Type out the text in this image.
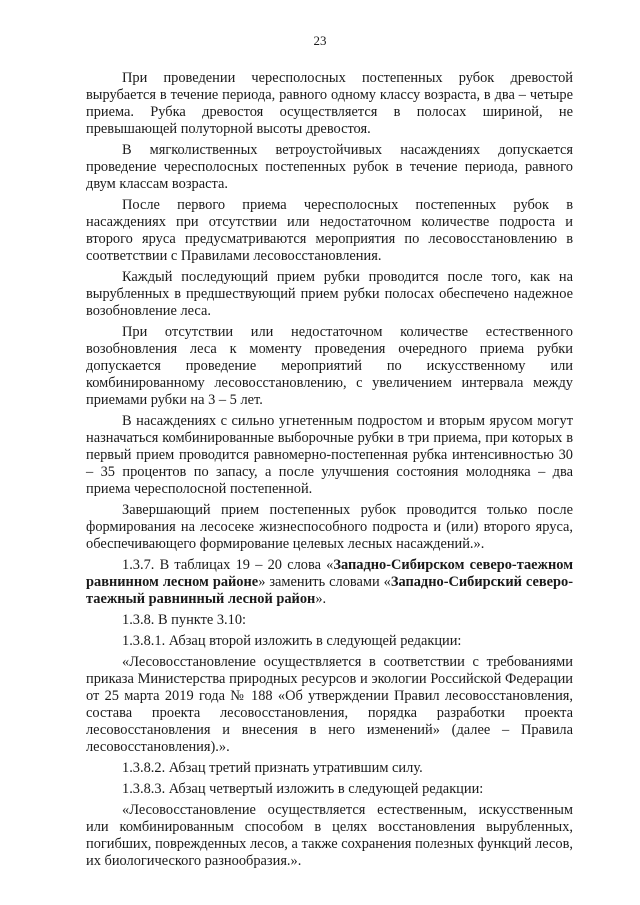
23

При проведении чересполосных постепенных рубок древостой вырубается в течение периода, равного одному классу возраста, в два – четыре приема. Рубка древостоя осуществляется в полосах шириной, не превышающей полуторной высоты древостоя.

В мягколиственных ветроустойчивых насаждениях допускается проведение чересполосных постепенных рубок в течение периода, равного двум классам возраста.

После первого приема чересполосных постепенных рубок в насаждениях при отсутствии или недостаточном количестве подроста и второго яруса предусматриваются мероприятия по лесовосстановлению в соответствии с Правилами лесовосстановления.

Каждый последующий прием рубки проводится после того, как на вырубленных в предшествующий прием рубки полосах обеспечено надежное возобновление леса.

При отсутствии или недостаточном количестве естественного возобновления леса к моменту проведения очередного приема рубки допускается проведение мероприятий по искусственному или комбинированному лесовосстановлению, с увеличением интервала между приемами рубки на 3 – 5 лет.

В насаждениях с сильно угнетенным подростом и вторым ярусом могут назначаться комбинированные выборочные рубки в три приема, при которых в первый прием проводится равномерно-постепенная рубка интенсивностью 30 – 35 процентов по запасу, а после улучшения состояния молодняка – два приема чересполосной постепенной.

Завершающий прием постепенных рубок проводится только после формирования на лесосеке жизнеспособного подроста и (или) второго яруса, обеспечивающего формирование целевых лесных насаждений.».

1.3.7. В таблицах 19 – 20 слова «Западно-Сибирском северо-таежном равнинном лесном районе» заменить словами «Западно-Сибирский северо-таежный равнинный лесной район».

1.3.8. В пункте 3.10:

1.3.8.1. Абзац второй изложить в следующей редакции:

«Лесовосстановление осуществляется в соответствии с требованиями приказа Министерства природных ресурсов и экологии Российской Федерации от 25 марта 2019 года № 188 «Об утверждении Правил лесовосстановления, состава проекта лесовосстановления, порядка разработки проекта лесовосстановления и внесения в него изменений» (далее – Правила лесовосстановления).».

1.3.8.2. Абзац третий признать утратившим силу.

1.3.8.3. Абзац четвертый изложить в следующей редакции:

«Лесовосстановление осуществляется естественным, искусственным или комбинированным способом в целях восстановления вырубленных, погибших, поврежденных лесов, а также сохранения полезных функций лесов, их биологического разнообразия.».
